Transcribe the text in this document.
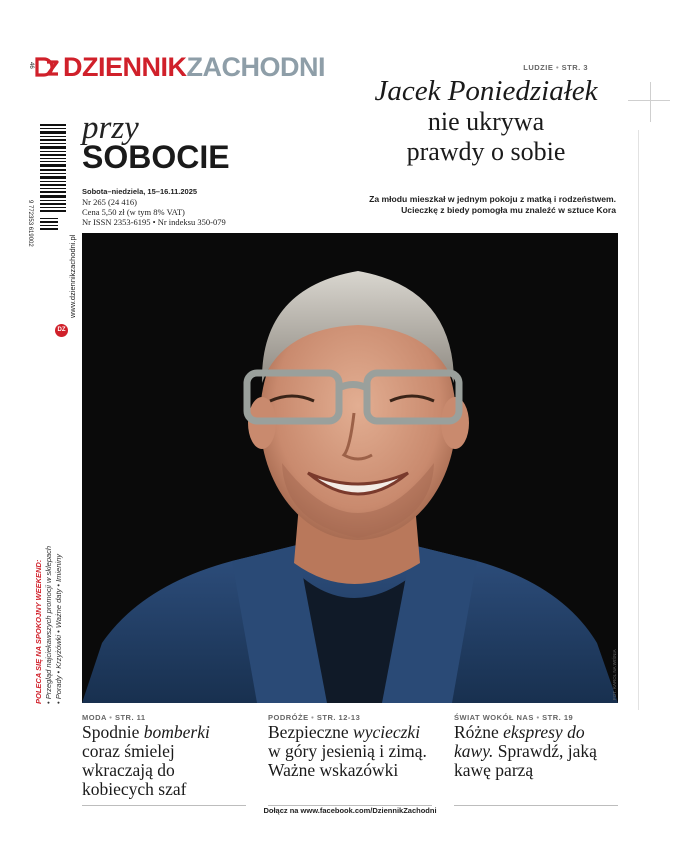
DZIENNIKZACHODNI
9 772353 619002
46
DZ
www.dziennikzachodni.pl
POLECA SIĘ NA SPOKOJNY WEEKEND: • Przegląd najciekawszych promocji w sklepach • Porady • Krzyżówki • Ważne daty • Imieniny
przy
SOBOCIE
Sobota–niedziela, 15–16.11.2025
Nr 265 (24 416)
Cena 5,50 zł (w tym 8% VAT)
Nr ISSN 2353-6195 • Nr indeksu 350-079
LUDZIE • STR. 3
Jacek Poniedziałek
nie ukrywa
prawdy o sobie
Za młodu mieszkał w jednym pokoju z matką i rodzeństwem.
Ucieczkę z biedy pomogła mu znaleźć w sztuce Kora
FOT. KAROL NA WIŚNIA
MODA • STR. 11
Spodnie bomberki coraz śmielej wkraczają do kobiecych szaf
PODRÓŻE • STR. 12-13
Bezpieczne wycieczki w góry jesienią i zimą. Ważne wskazówki
ŚWIAT WOKÓŁ NAS • STR. 19
Różne ekspresy do kawy. Sprawdź, jaką kawę parzą
Dołącz na www.facebook.com/DziennikZachodni
